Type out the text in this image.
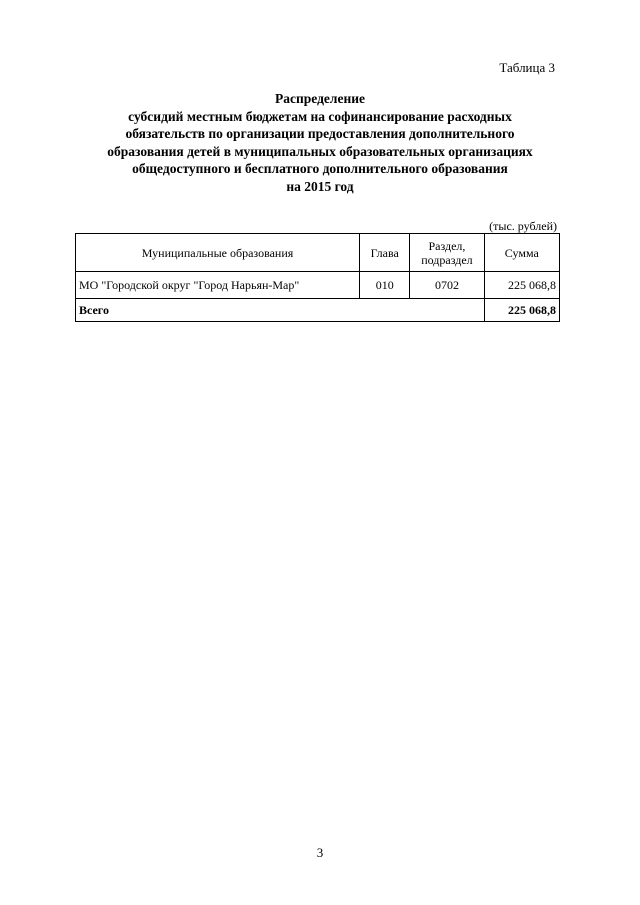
Таблица 3
Распределение
субсидий местным бюджетам на софинансирование расходных
обязательств по организации предоставления дополнительного
образования детей в муниципальных образовательных организациях
общедоступного и бесплатного дополнительного образования
на 2015 год
(тыс. рублей)
Муниципальные образования	Глава	Раздел, подраздел	Сумма
МО "Городской округ "Город Нарьян-Мар"	010	0702	225 068,8
Всего			225 068,8
3
